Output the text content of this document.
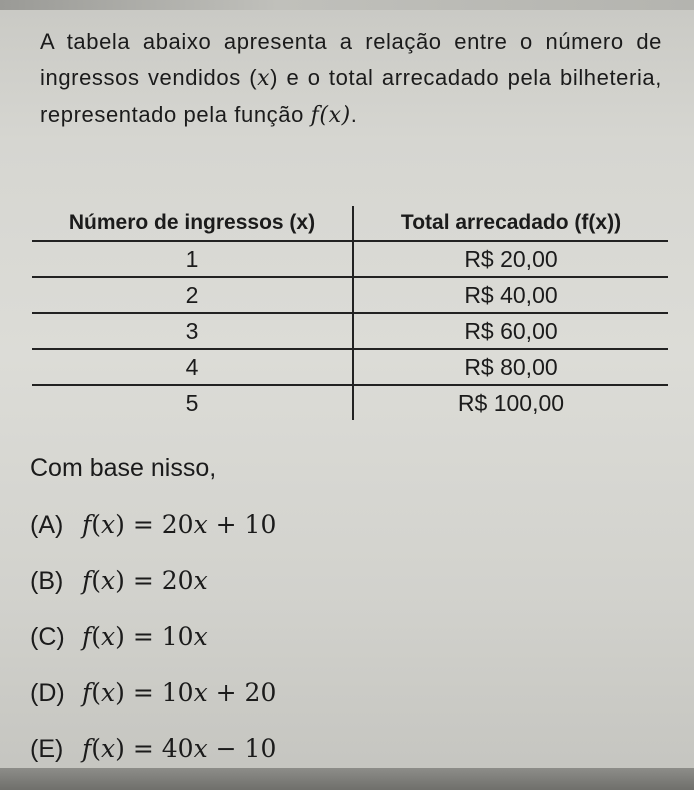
A tabela abaixo apresenta a relação entre o número de ingressos vendidos (x) e o total arrecadado pela bilheteria, representado pela função f(x).

Número de ingressos (x)	Total arrecadado (f(x))
1	R$ 20,00
2	R$ 40,00
3	R$ 60,00
4	R$ 80,00
5	R$ 100,00

Com base nisso,

(A) f(x) = 20x + 10
(B) f(x) = 20x
(C) f(x) = 10x
(D) f(x) = 10x + 20
(E) f(x) = 40x − 10
